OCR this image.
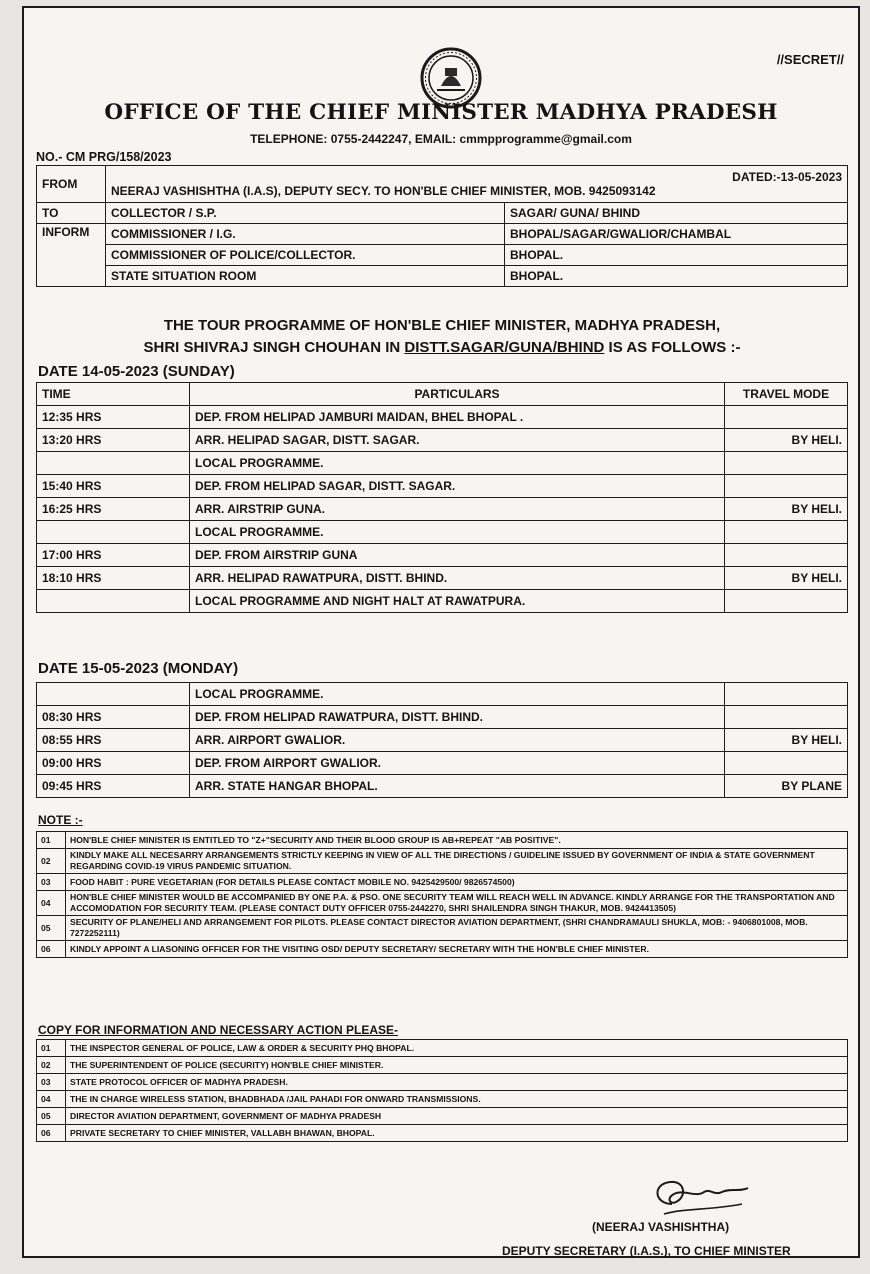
//SECRET//
OFFICE OF THE CHIEF MINISTER MADHYA PRADESH
TELEPHONE: 0755-2442247, EMAIL: cmmpprogramme@gmail.com
NO.- CM PRG/158/2023
FROM	DATED:-13-05-2023
NEERAJ VASHISHTHA (I.A.S), DEPUTY SECY. TO HON'BLE CHIEF MINISTER, MOB. 9425093142	

TO	COLLECTOR / S.P.	SAGAR/ GUNA/ BHIND
INFORM	COMMISSIONER / I.G.	BHOPAL/SAGAR/GWALIOR/CHAMBAL
	COMMISSIONER OF POLICE/COLLECTOR.	BHOPAL.
	STATE SITUATION ROOM	BHOPAL.
THE TOUR PROGRAMME OF HON'BLE CHIEF MINISTER, MADHYA PRADESH,
SHRI SHIVRAJ SINGH CHOUHAN IN DISTT.SAGAR/GUNA/BHIND IS AS FOLLOWS :-
DATE 14-05-2023 (SUNDAY)
TIME	PARTICULARS	TRAVEL MODE
12:35 HRS	DEP. FROM HELIPAD JAMBURI MAIDAN, BHEL BHOPAL .	
13:20 HRS	ARR. HELIPAD SAGAR, DISTT. SAGAR.	BY HELI.
	LOCAL PROGRAMME.	
15:40 HRS	DEP. FROM HELIPAD SAGAR, DISTT. SAGAR.	
16:25 HRS	ARR. AIRSTRIP GUNA.	BY HELI.
	LOCAL PROGRAMME.	
17:00 HRS	DEP. FROM AIRSTRIP GUNA	
18:10 HRS	ARR. HELIPAD RAWATPURA, DISTT. BHIND.	BY HELI.
	LOCAL PROGRAMME AND NIGHT HALT AT RAWATPURA.	
DATE 15-05-2023 (MONDAY)
	LOCAL PROGRAMME.	
08:30 HRS	DEP. FROM HELIPAD RAWATPURA, DISTT. BHIND.	
08:55 HRS	ARR. AIRPORT GWALIOR.	BY HELI.
09:00 HRS	DEP. FROM AIRPORT GWALIOR.	
09:45 HRS	ARR. STATE HANGAR BHOPAL.	BY PLANE
NOTE :-
01	HON'BLE CHIEF MINISTER IS ENTITLED TO "Z+"SECURITY AND THEIR BLOOD GROUP IS AB+REPEAT "AB POSITIVE".
02	KINDLY MAKE ALL NECESARRY ARRANGEMENTS STRICTLY KEEPING IN VIEW OF ALL THE DIRECTIONS / GUIDELINE ISSUED BY GOVERNMENT OF INDIA & STATE GOVERNMENT REGARDING COVID-19 VIRUS PANDEMIC SITUATION.
03	FOOD HABIT : PURE VEGETARIAN (FOR DETAILS PLEASE CONTACT MOBILE NO. 9425429500/ 9826574500)
04	HON'BLE CHIEF MINISTER WOULD BE ACCOMPANIED BY ONE P.A. & PSO. ONE SECURITY TEAM WILL REACH WELL IN ADVANCE. KINDLY ARRANGE FOR THE TRANSPORTATION AND ACCOMODATION FOR SECURITY TEAM. (PLEASE CONTACT DUTY OFFICER 0755-2442270, SHRI SHAILENDRA SINGH THAKUR, MOB. 9424413505)
05	SECURITY OF PLANE/HELI AND ARRANGEMENT FOR PILOTS. PLEASE CONTACT DIRECTOR AVIATION DEPARTMENT, (SHRI CHANDRAMAULI SHUKLA, MOB: - 9406801008, MOB. 7272252111)
06	KINDLY APPOINT A LIASONING OFFICER FOR THE VISITING OSD/ DEPUTY SECRETARY/ SECRETARY WITH THE HON'BLE CHIEF MINISTER.
COPY FOR INFORMATION AND NECESSARY ACTION PLEASE-
01	THE INSPECTOR GENERAL OF POLICE, LAW & ORDER & SECURITY PHQ BHOPAL.
02	THE SUPERINTENDENT OF POLICE (SECURITY) HON'BLE CHIEF MINISTER.
03	STATE PROTOCOL OFFICER OF MADHYA PRADESH.
04	THE IN CHARGE WIRELESS STATION, BHADBHADA /JAIL PAHADI FOR ONWARD TRANSMISSIONS.
05	DIRECTOR AVIATION DEPARTMENT, GOVERNMENT OF MADHYA PRADESH
06	PRIVATE SECRETARY TO CHIEF MINISTER, VALLABH BHAWAN, BHOPAL.
(NEERAJ VASHISHTHA)
DEPUTY SECRETARY (I.A.S.), TO CHIEF MINISTER
